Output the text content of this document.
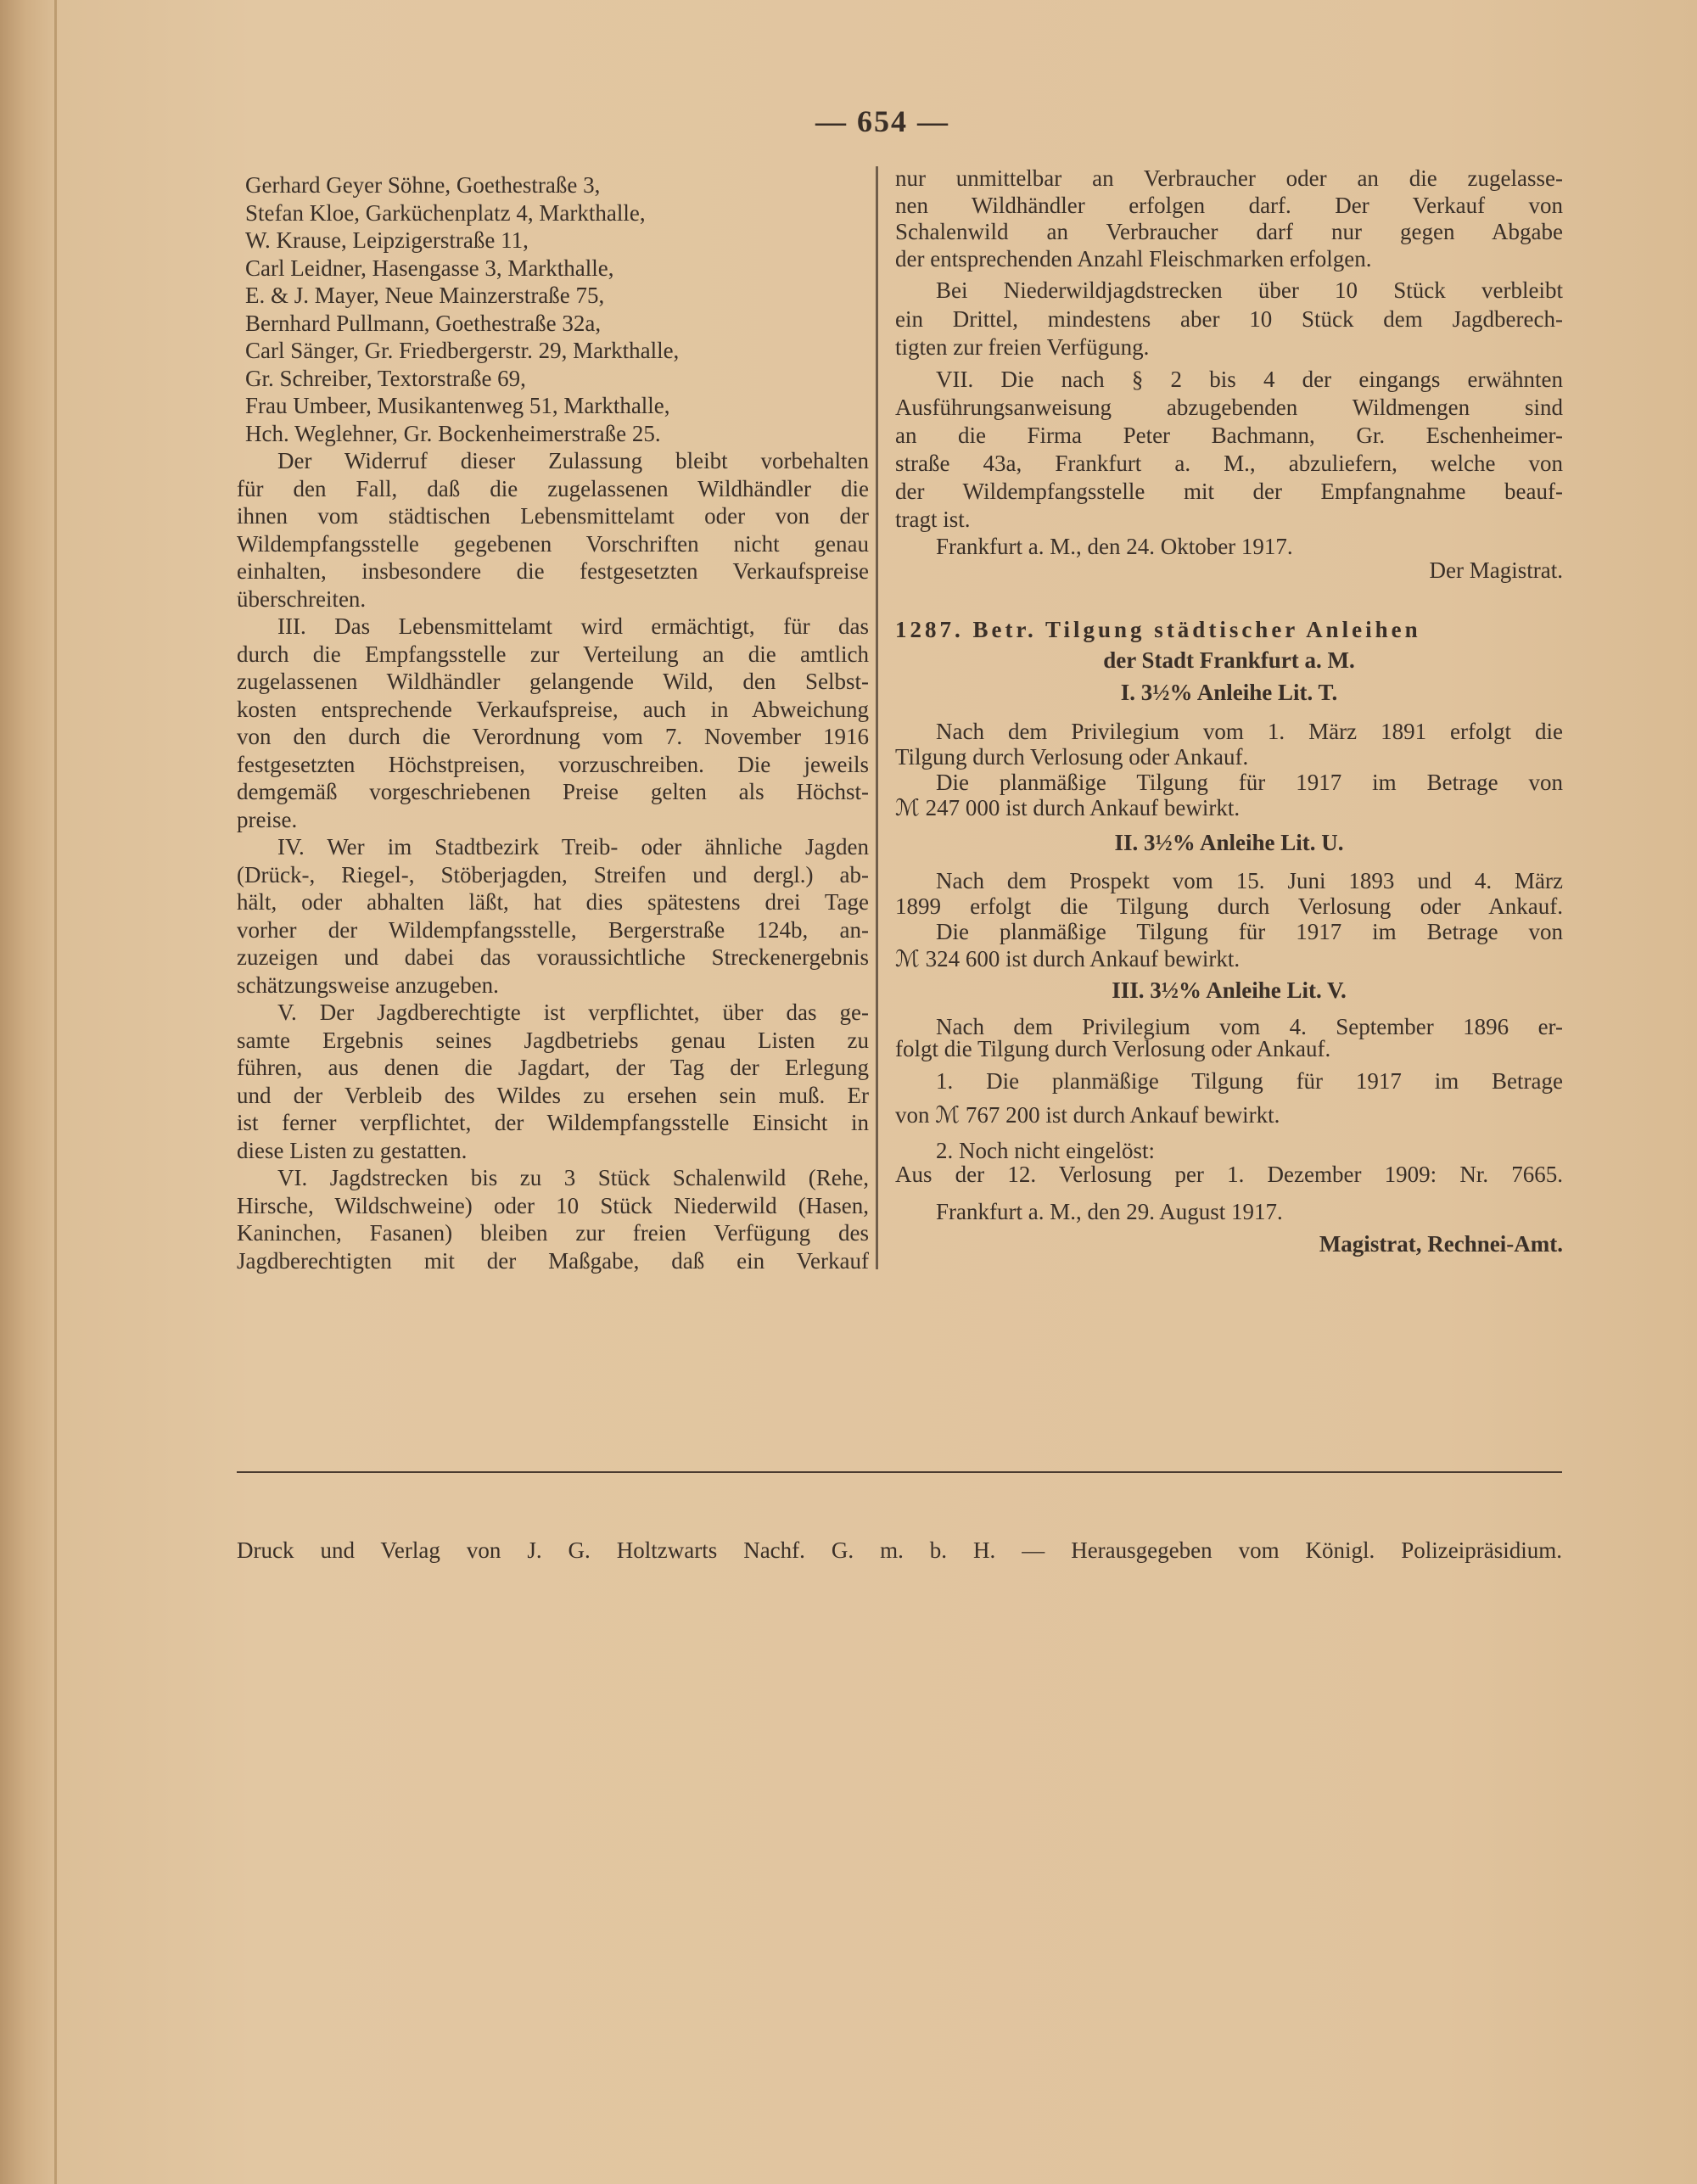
— 654 —
Gerhard Geyer Söhne, Goethestraße 3,
Stefan Kloe, Garküchenplatz 4, Markthalle,
W. Krause, Leipzigerstraße 11,
Carl Leidner, Hasengasse 3, Markthalle,
E. & J. Mayer, Neue Mainzerstraße 75,
Bernhard Pullmann, Goethestraße 32a,
Carl Sänger, Gr. Friedbergerstr. 29, Markthalle,
Gr. Schreiber, Textorstraße 69,
Frau Umbeer, Musikantenweg 51, Markthalle,
Hch. Weglehner, Gr. Bockenheimerstraße 25.
Der Widerruf dieser Zulassung bleibt vorbehalten
für den Fall, daß die zugelassenen Wildhändler die
ihnen vom städtischen Lebensmittelamt oder von der
Wildempfangsstelle gegebenen Vorschriften nicht genau
einhalten, insbesondere die festgesetzten Verkaufspreise
überschreiten.
III. Das Lebensmittelamt wird ermächtigt, für das
durch die Empfangsstelle zur Verteilung an die amtlich
zugelassenen Wildhändler gelangende Wild, den Selbst-
kosten entsprechende Verkaufspreise, auch in Abweichung
von den durch die Verordnung vom 7. November 1916
festgesetzten Höchstpreisen, vorzuschreiben. Die jeweils
demgemäß vorgeschriebenen Preise gelten als Höchst-
preise.
IV. Wer im Stadtbezirk Treib- oder ähnliche Jagden
(Drück-, Riegel-, Stöberjagden, Streifen und dergl.) ab-
hält, oder abhalten läßt, hat dies spätestens drei Tage
vorher der Wildempfangsstelle, Bergerstraße 124b, an-
zuzeigen und dabei das voraussichtliche Streckenergebnis
schätzungsweise anzugeben.
V. Der Jagdberechtigte ist verpflichtet, über das ge-
samte Ergebnis seines Jagdbetriebs genau Listen zu
führen, aus denen die Jagdart, der Tag der Erlegung
und der Verbleib des Wildes zu ersehen sein muß. Er
ist ferner verpflichtet, der Wildempfangsstelle Einsicht in
diese Listen zu gestatten.
VI. Jagdstrecken bis zu 3 Stück Schalenwild (Rehe,
Hirsche, Wildschweine) oder 10 Stück Niederwild (Hasen,
Kaninchen, Fasanen) bleiben zur freien Verfügung des
Jagdberechtigten mit der Maßgabe, daß ein Verkauf
nur unmittelbar an Verbraucher oder an die zugelasse-
nen Wildhändler erfolgen darf. Der Verkauf von
Schalenwild an Verbraucher darf nur gegen Abgabe
der entsprechenden Anzahl Fleischmarken erfolgen.
Bei Niederwildjagdstrecken über 10 Stück verbleibt
ein Drittel, mindestens aber 10 Stück dem Jagdberech-
tigten zur freien Verfügung.
VII. Die nach § 2 bis 4 der eingangs erwähnten
Ausführungsanweisung abzugebenden Wildmengen sind
an die Firma Peter Bachmann, Gr. Eschenheimer-
straße 43a, Frankfurt a. M., abzuliefern, welche von
der Wildempfangsstelle mit der Empfangnahme beauf-
tragt ist.
Frankfurt a. M., den 24. Oktober 1917.
Der Magistrat.
1287. Betr. Tilgung städtischer Anleihen
der Stadt Frankfurt a. M.
I. 3½% Anleihe Lit. T.
Nach dem Privilegium vom 1. März 1891 erfolgt die
Tilgung durch Verlosung oder Ankauf.
Die planmäßige Tilgung für 1917 im Betrage von
ℳ 247 000 ist durch Ankauf bewirkt.
II. 3½% Anleihe Lit. U.
Nach dem Prospekt vom 15. Juni 1893 und 4. März
1899 erfolgt die Tilgung durch Verlosung oder Ankauf.
Die planmäßige Tilgung für 1917 im Betrage von
ℳ 324 600 ist durch Ankauf bewirkt.
III. 3½% Anleihe Lit. V.
Nach dem Privilegium vom 4. September 1896 er-
folgt die Tilgung durch Verlosung oder Ankauf.
1. Die planmäßige Tilgung für 1917 im Betrage
von ℳ 767 200 ist durch Ankauf bewirkt.
2. Noch nicht eingelöst:
Aus der 12. Verlosung per 1. Dezember 1909: Nr. 7665.
Frankfurt a. M., den 29. August 1917.
Magistrat, Rechnei-Amt.
Druck und Verlag von J. G. Holtzwarts Nachf. G. m. b. H. — Herausgegeben vom Königl. Polizeipräsidium.
